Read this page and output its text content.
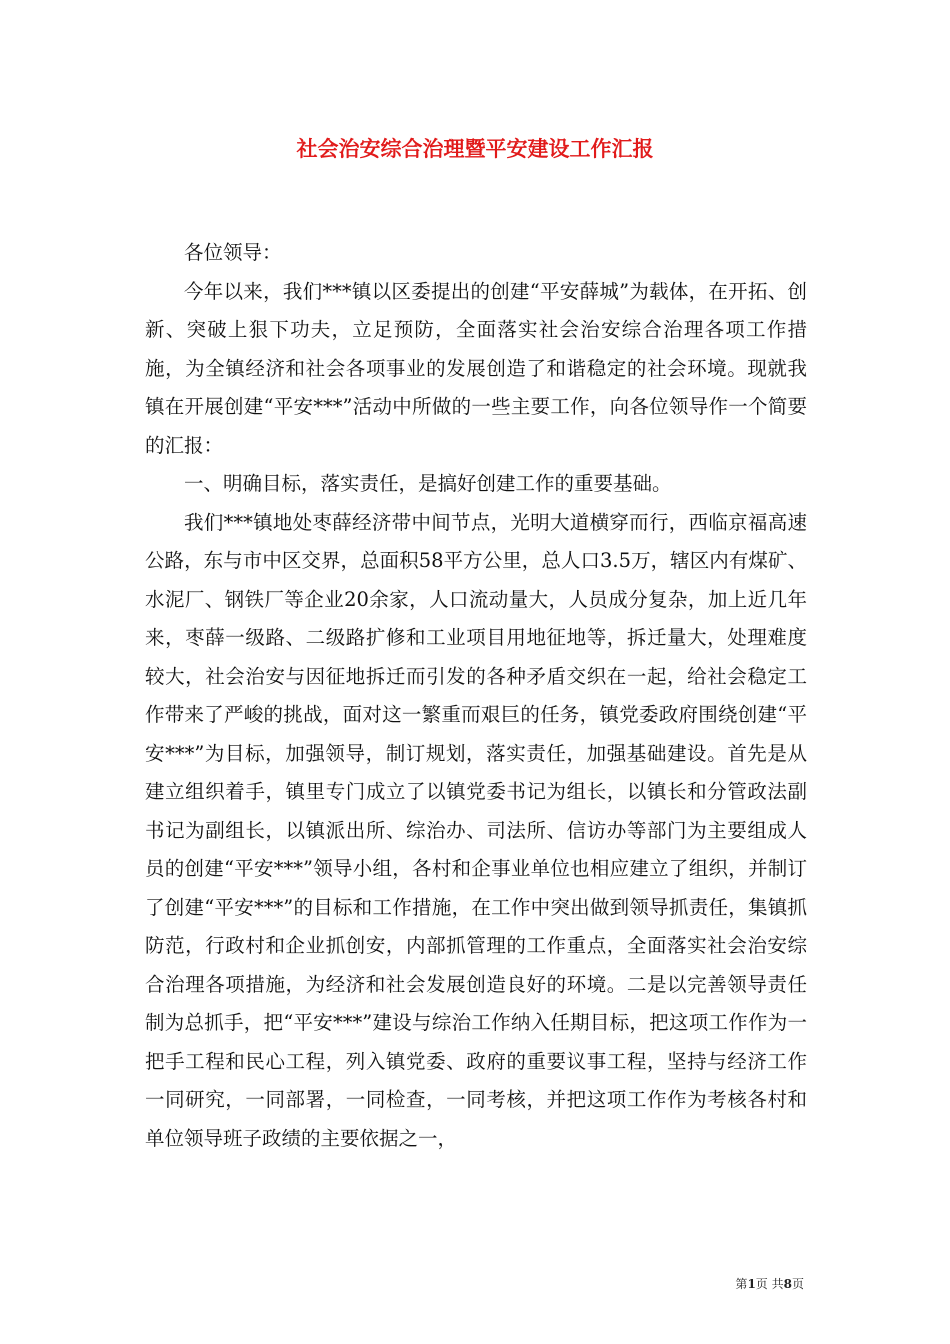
社会治安综合治理暨平安建设工作汇报

各位领导：

今年以来，我们***镇以区委提出的创建“平安薛城”为载体，在开拓、创新、突破上狠下功夫，立足预防，全面落实社会治安综合治理各项工作措施，为全镇经济和社会各项事业的发展创造了和谐稳定的社会环境。现就我镇在开展创建“平安***”活动中所做的一些主要工作，向各位领导作一个简要的汇报：

一、明确目标，落实责任，是搞好创建工作的重要基础。

我们***镇地处枣薛经济带中间节点，光明大道横穿而行，西临京福高速公路，东与市中区交界，总面积58平方公里，总人口3.5万，辖区内有煤矿、水泥厂、钢铁厂等企业20余家，人口流动量大，人员成分复杂，加上近几年来，枣薛一级路、二级路扩修和工业项目用地征地等，拆迁量大，处理难度较大，社会治安与因征地拆迁而引发的各种矛盾交织在一起，给社会稳定工作带来了严峻的挑战，面对这一繁重而艰巨的任务，镇党委政府围绕创建“平安***”为目标，加强领导，制订规划，落实责任，加强基础建设。首先是从建立组织着手，镇里专门成立了以镇党委书记为组长，以镇长和分管政法副书记为副组长，以镇派出所、综治办、司法所、信访办等部门为主要组成人员的创建“平安***”领导小组，各村和企事业单位也相应建立了组织，并制订了创建“平安***”的目标和工作措施，在工作中突出做到领导抓责任，集镇抓防范，行政村和企业抓创安，内部抓管理的工作重点，全面落实社会治安综合治理各项措施，为经济和社会发展创造良好的环境。二是以完善领导责任制为总抓手，把“平安***”建设与综治工作纳入任期目标，把这项工作作为一把手工程和民心工程，列入镇党委、政府的重要议事工程，坚持与经济工作一同研究，一同部署，一同检查，一同考核，并把这项工作作为考核各村和单位领导班子政绩的主要依据之一，

第1页 共8页
